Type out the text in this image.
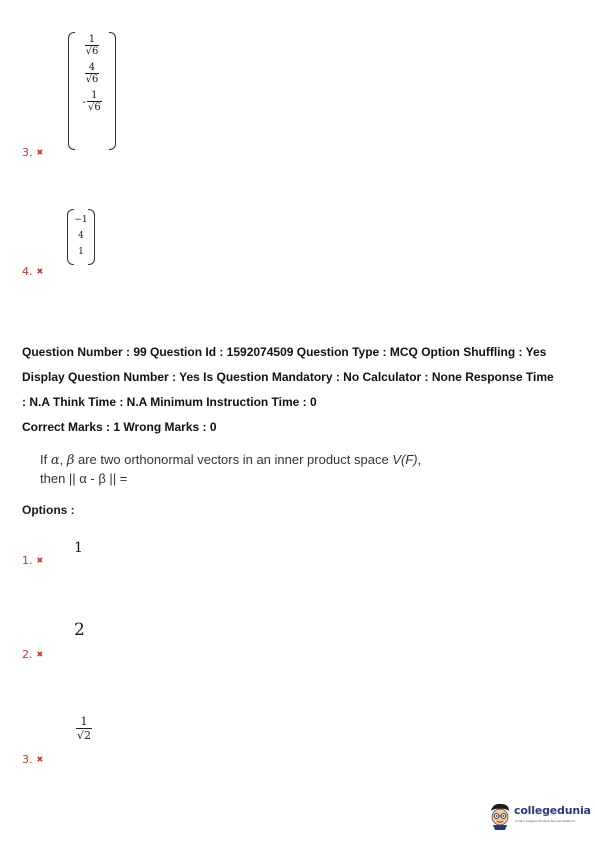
$\frac{1}{√6}$
$\frac{4}{√6}$
- $\frac{1}{√6}$
3. ✖
−1
4
1
4. ✖
Question Number : 99 Question Id : 1592074509 Question Type : MCQ Option Shuffling : Yes
Display Question Number : Yes Is Question Mandatory : No Calculator : None Response Time
: N.A Think Time : N.A Minimum Instruction Time : 0
Correct Marks : 1 Wrong Marks : 0
If α, β are two orthonormal vectors in an inner product space V(F),
then || α - β || =
Options :
1
1. ✖
2
2. ✖
$\frac{1}{√2}$
3. ✖
collegedunia
India's Largest Student Review Platform
